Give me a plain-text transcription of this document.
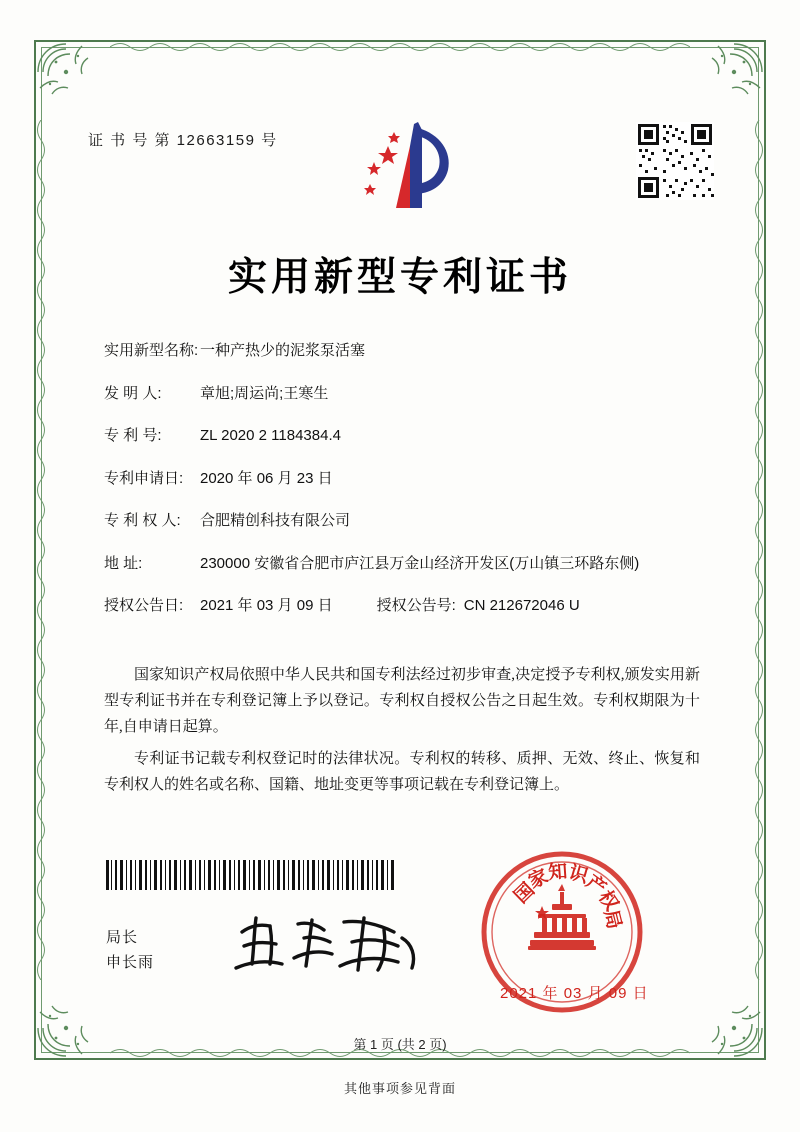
证 书 号 第 12663159 号
实用新型专利证书
实用新型名称: 一种产热少的泥浆泵活塞
发 明 人:	章旭;周运尚;王寒生
专 利 号:	ZL 2020 2 1184384.4
专利申请日:	2020 年 06 月 23 日
专 利 权 人:	合肥精创科技有限公司
地 址:	230000 安徽省合肥市庐江县万金山经济开发区(万山镇三环路东侧)
授权公告日:	2021 年 03 月 09 日	授权公告号: CN 212672046 U

国家知识产权局依照中华人民共和国专利法经过初步审查,决定授予专利权,颁发实用新型专利证书并在专利登记簿上予以登记。专利权自授权公告之日起生效。专利权期限为十年,自申请日起算。

专利证书记载专利权登记时的法律状况。专利权的转移、质押、无效、终止、恢复和专利权人的姓名或名称、国籍、地址变更等事项记载在专利登记簿上。

局长
申长雨
国
家
知
识
产
权
局
2021 年 03 月 09 日
第 1 页 (共 2 页)
其他事项参见背面
